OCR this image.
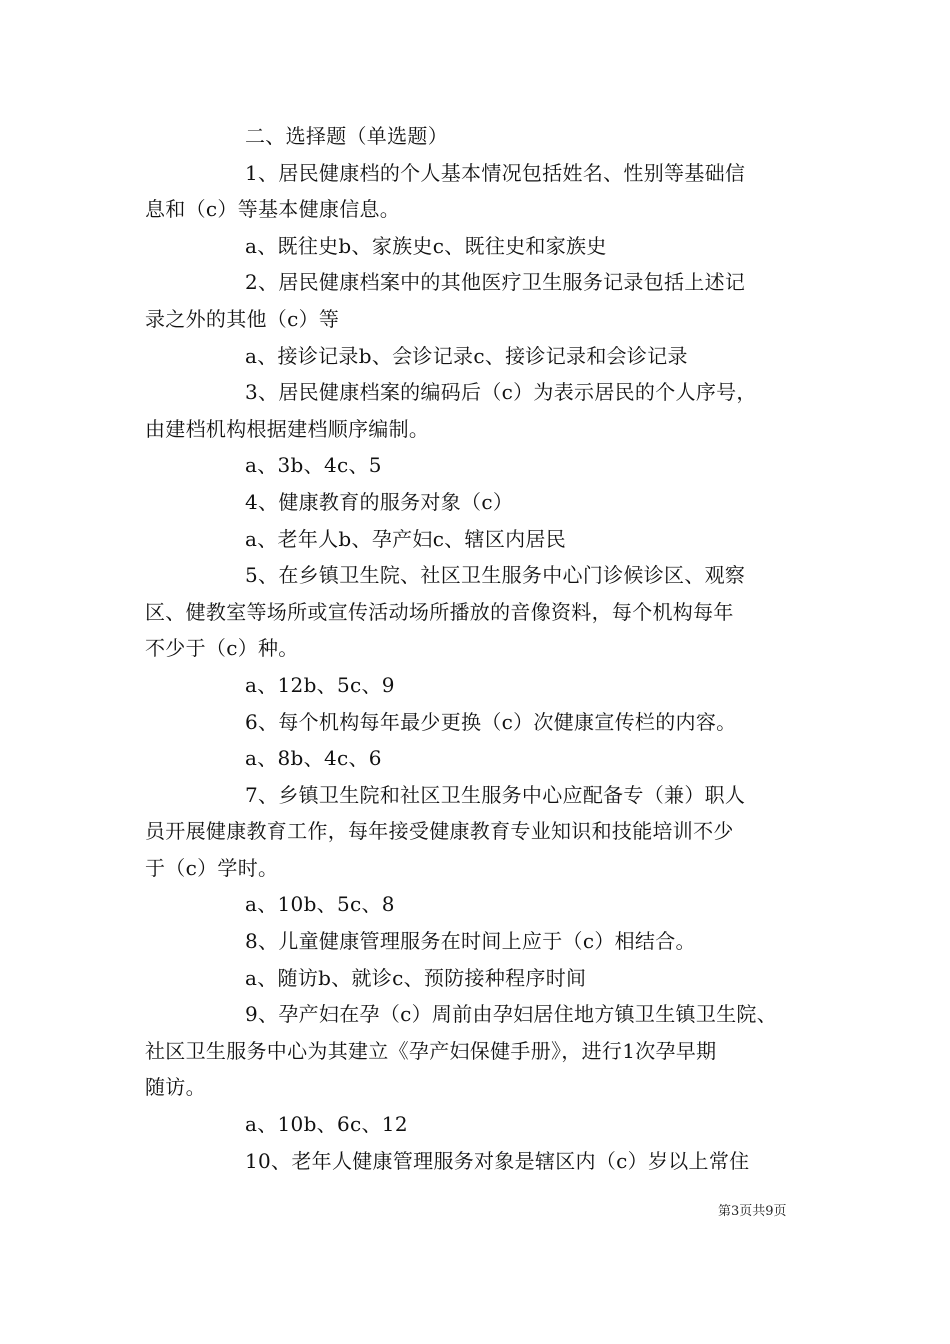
二、选择题（单选题）
1、居民健康档的个人基本情况包括姓名、性别等基础信
息和（c）等基本健康信息。
a、既往史b、家族史c、既往史和家族史
2、居民健康档案中的其他医疗卫生服务记录包括上述记
录之外的其他（c）等
a、接诊记录b、会诊记录c、接诊记录和会诊记录
3、居民健康档案的编码后（c）为表示居民的个人序号，
由建档机构根据建档顺序编制。
a、3b、4c、5
4、健康教育的服务对象（c）
a、老年人b、孕产妇c、辖区内居民
5、在乡镇卫生院、社区卫生服务中心门诊候诊区、观察
区、健教室等场所或宣传活动场所播放的音像资料，每个机构每年
不少于（c）种。
a、12b、5c、9
6、每个机构每年最少更换（c）次健康宣传栏的内容。
a、8b、4c、6
7、乡镇卫生院和社区卫生服务中心应配备专（兼）职人
员开展健康教育工作，每年接受健康教育专业知识和技能培训不少
于（c）学时。
a、10b、5c、8
8、儿童健康管理服务在时间上应于（c）相结合。
a、随访b、就诊c、预防接种程序时间
9、孕产妇在孕（c）周前由孕妇居住地方镇卫生镇卫生院、
社区卫生服务中心为其建立《孕产妇保健手册》，进行1次孕早期
随访。
a、10b、6c、12
10、老年人健康管理服务对象是辖区内（c）岁以上常住
第3页共9页
